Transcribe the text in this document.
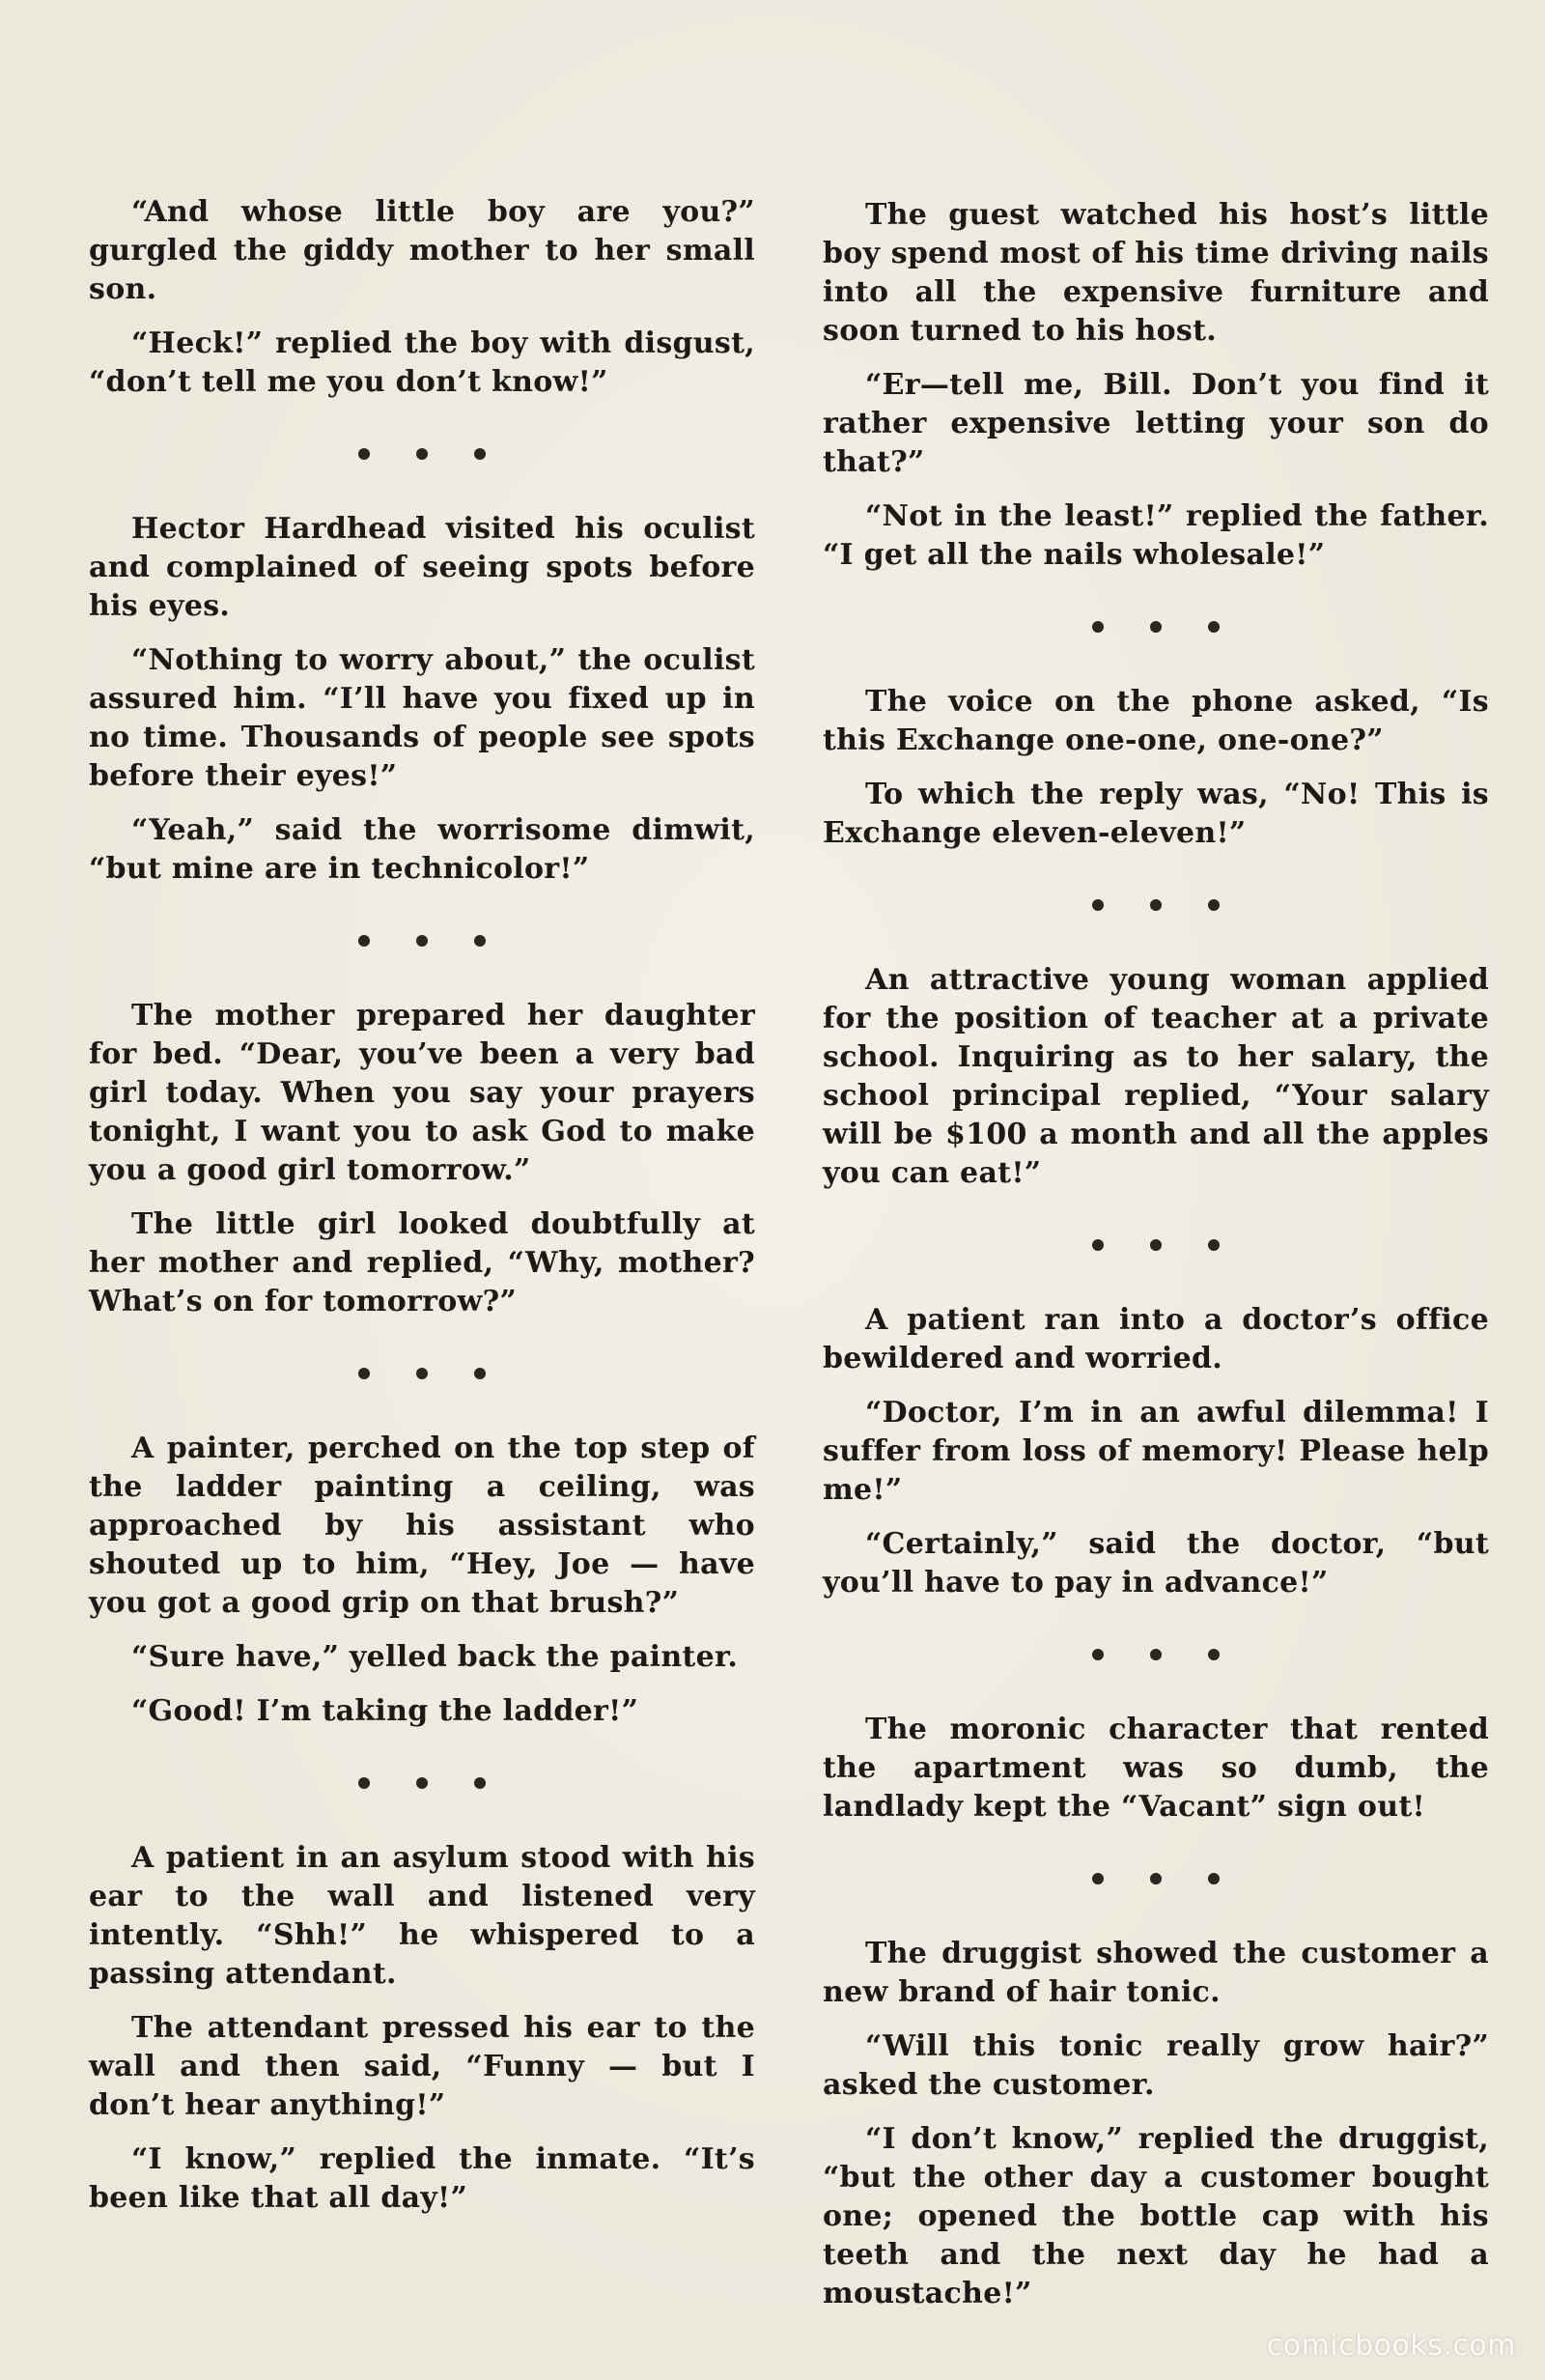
“And whose little boy are you?” gurgled the giddy mother to her small son.

“Heck!” replied the boy with disgust, “don’t tell me you don’t know!”

Hector Hardhead visited his oculist and complained of seeing spots before his eyes.

“Nothing to worry about,” the oculist assured him. “I’ll have you fixed up in no time. Thousands of people see spots before their eyes!”

“Yeah,” said the worrisome dimwit, “but mine are in technicolor!”

The mother prepared her daughter for bed. “Dear, you’ve been a very bad girl today. When you say your prayers tonight, I want you to ask God to make you a good girl tomorrow.”

The little girl looked doubtfully at her mother and replied, “Why, mother? What’s on for tomorrow?”

A painter, perched on the top step of the ladder painting a ceiling, was approached by his assistant who shouted up to him, “Hey, Joe — have you got a good grip on that brush?”

“Sure have,” yelled back the painter.

“Good! I’m taking the ladder!”

A patient in an asylum stood with his ear to the wall and listened very intently. “Shh!” he whispered to a passing attendant.

The attendant pressed his ear to the wall and then said, “Funny — but I don’t hear anything!”

“I know,” replied the inmate. “It’s been like that all day!”

The guest watched his host’s little boy spend most of his time driving nails into all the expensive furniture and soon turned to his host.

“Er—tell me, Bill. Don’t you find it rather expensive letting your son do that?”

“Not in the least!” replied the father. “I get all the nails wholesale!”

The voice on the phone asked, “Is this Exchange one-one, one-one?”

To which the reply was, “No! This is Exchange eleven-eleven!”

An attractive young woman applied for the position of teacher at a private school. Inquiring as to her salary, the school principal replied, “Your salary will be $100 a month and all the apples you can eat!”

A patient ran into a doctor’s office bewildered and worried.

“Doctor, I’m in an awful dilemma! I suffer from loss of memory! Please help me!”

“Certainly,” said the doctor, “but you’ll have to pay in advance!”

The moronic character that rented the apartment was so dumb, the landlady kept the “Vacant” sign out!

The druggist showed the customer a new brand of hair tonic.

“Will this tonic really grow hair?” asked the customer.

“I don’t know,” replied the druggist, “but the other day a customer bought one; opened the bottle cap with his teeth and the next day he had a moustache!”

comicbooks.com
